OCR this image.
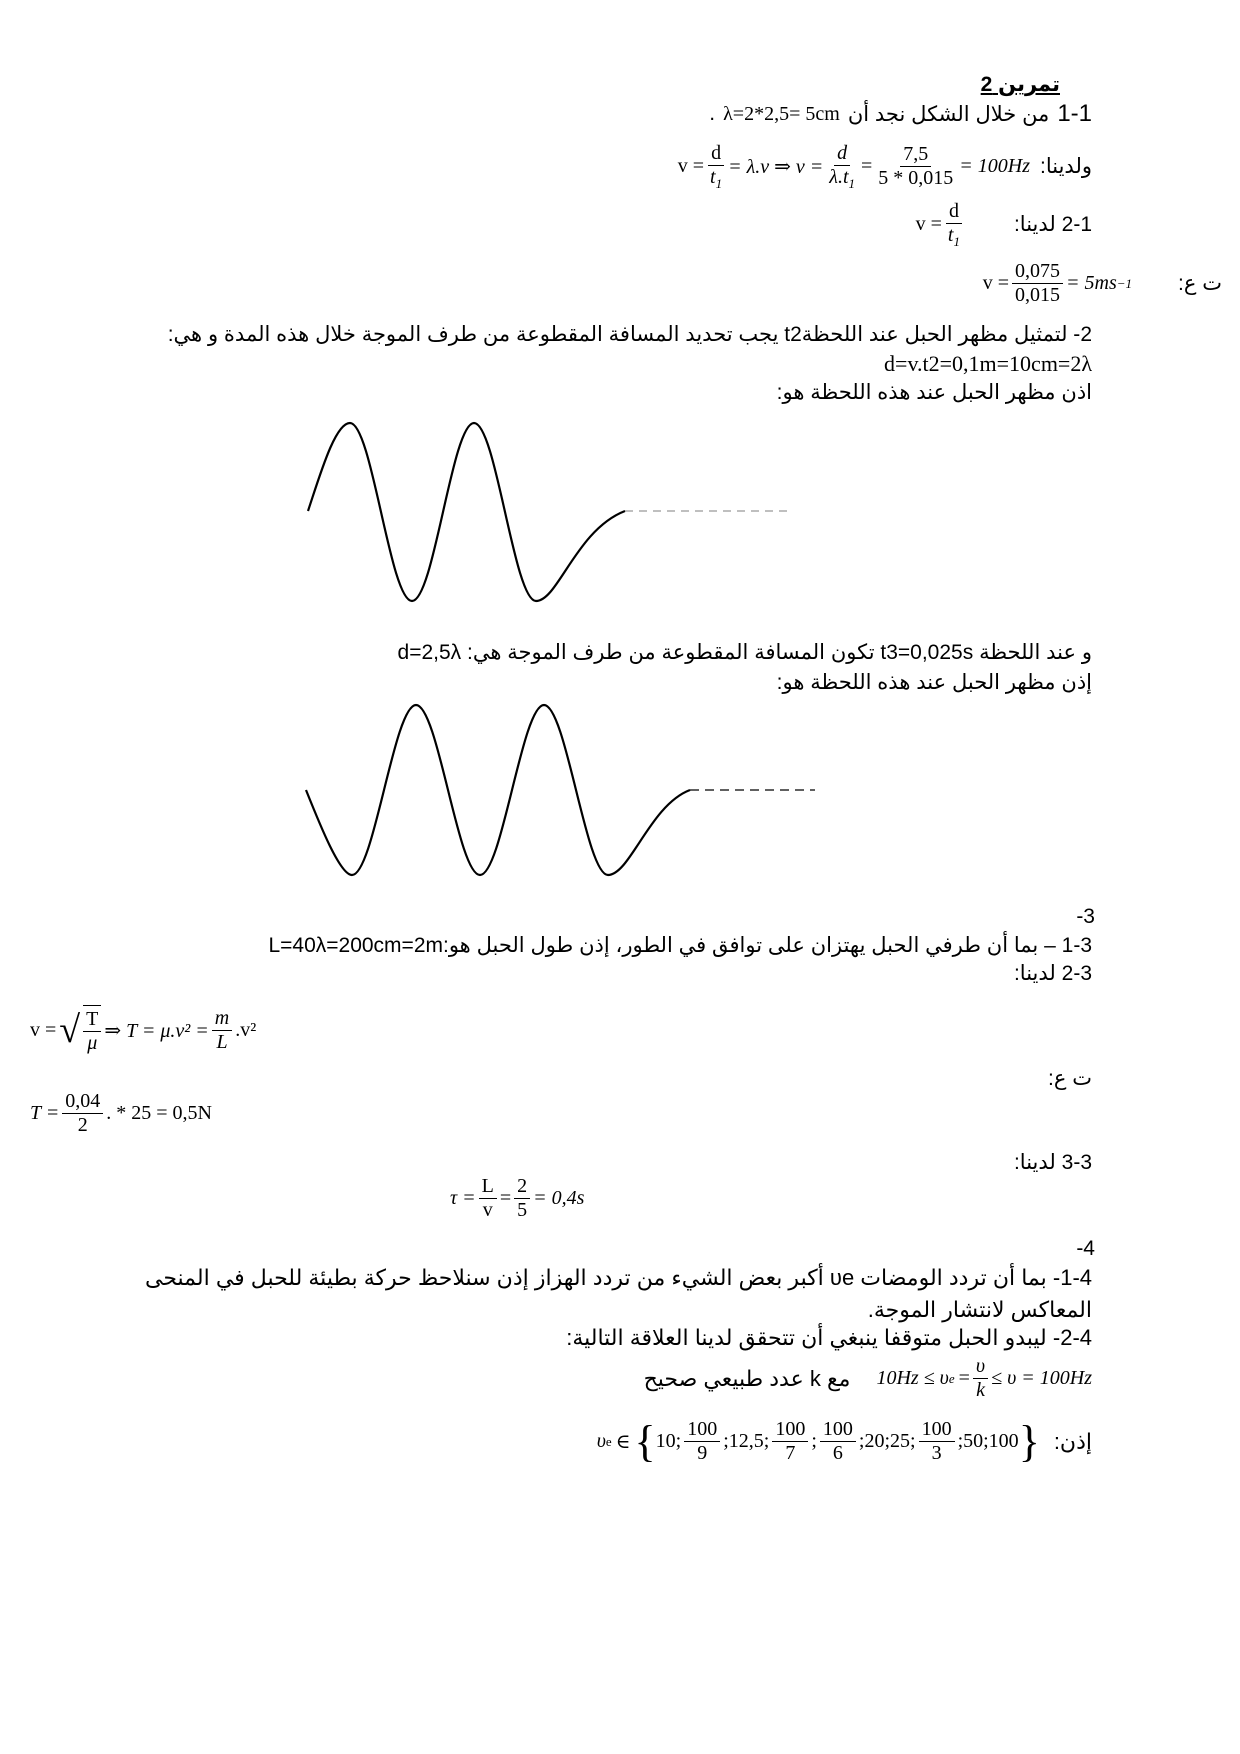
تمرين 2
1-1
من خلال الشكل نجد أن
λ=2*2,5= 5cm
.
ولدينا:
$v = \frac{d}{t_1} = \lambda.v$ ⇒ $v = \frac{d}{\lambda.t_1} = \frac{7,5}{5 * 0,015} = 100Hz$
2-1 لدينا:
$v = \frac{d}{t_1}$
ت ع:
$v = \frac{0,075}{0,015} = 5ms -1$
2- لتمثيل مظهر الحبل عند اللحظةt2 يجب تحديد المسافة المقطوعة من طرف الموجة خلال هذه المدة و هي:
d=v.t2=0,1m=10cm=2λ
اذن مظهر الحبل عند هذه اللحظة هو:
و عند اللحظة t3=0,025s تكون المسافة المقطوعة من طرف الموجة هي: d=2,5λ
إذن مظهر الحبل عند هذه اللحظة هو:
-3
1-3 – بما أن طرفي الحبل يهتزان على توافق في الطور، إذن طول الحبل هو:L=40λ=200cm=2m
2-3 لدينا:
v = √ $\frac{T}{\mu}$ ⇒ $T = \mu.v^2 = \frac{m}{L} .v^2$
ت ع:
$T = \frac{0,04}{2}$ . * 25 = 0,5N
3-3 لدينا:
$\tau = \frac{L}{v} = \frac{2}{5} = 0,4s$
-4
1-4- بما أن تردد الومضات υe أكبر بعض الشيء من تردد الهزاز إذن سنلاحظ حركة بطيئة للحبل في المنحى
المعاكس لانتشار الموجة.
2-4- ليبدو الحبل متوقفا ينبغي أن تتحقق لدينا العلاقة التالية:
10Hz ≤ υ $e = \frac{\upsilon}{k} \le \upsilon = 100Hz$
مع k عدد طبيعي صحيح
إذن:
υ e ∈ { 10; $\frac{100}{9}$ ;12,5; $\frac{100}{7}$ ; $\frac{100}{6}$ ;20;25; $\frac{100}{3}$ ;50;100 }
